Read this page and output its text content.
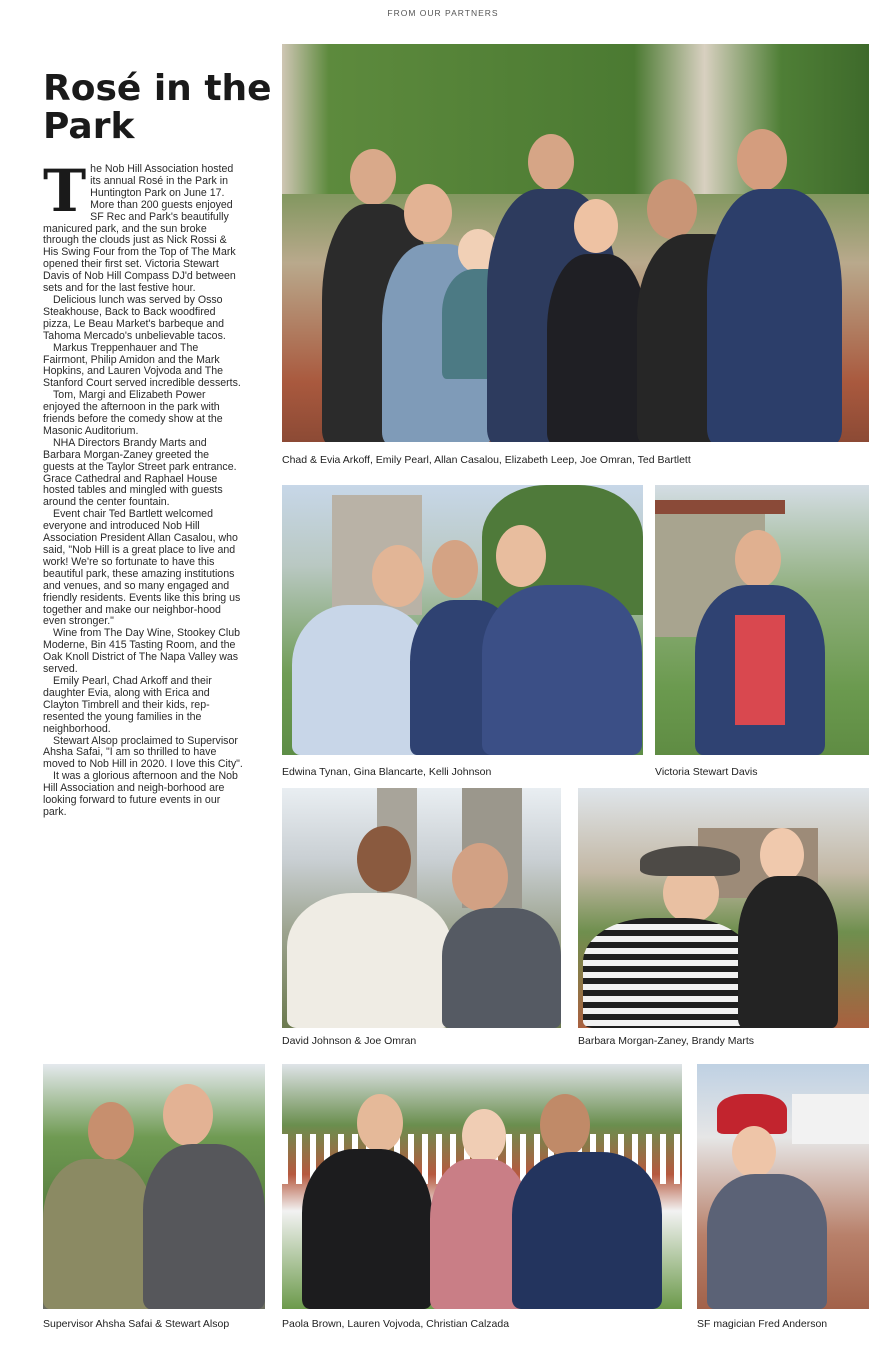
FROM OUR PARTNERS
Rosé in the Park

The Nob Hill Association hosted its annual Rosé in the Park in Huntington Park on June 17. More than 200 guests enjoyed SF Rec and Park's beautifully manicured park, and the sun broke through the clouds just as Nick Rossi & His Swing Four from the Top of The Mark opened their first set. Victoria Stewart Davis of Nob Hill Compass DJ'd between sets and for the last festive hour.

Delicious lunch was served by Osso Steakhouse, Back to Back woodfired pizza, Le Beau Market's barbeque and Tahoma Mercado's unbelievable tacos.

Markus Treppenhauer and The Fairmont, Philip Amidon and the Mark Hopkins, and Lauren Vojvoda and The Stanford Court served incredible desserts.

Tom, Margi and Elizabeth Power enjoyed the afternoon in the park with friends before the comedy show at the Masonic Auditorium.

NHA Directors Brandy Marts and Barbara Morgan-Zaney greeted the guests at the Taylor Street park entrance. Grace Cathedral and Raphael House hosted tables and mingled with guests around the center fountain.

Event chair Ted Bartlett welcomed everyone and introduced Nob Hill Association President Allan Casalou, who said, "Nob Hill is a great place to live and work! We're so fortunate to have this beautiful park, these amazing institutions and venues, and so many engaged and friendly residents. Events like this bring us together and make our neighbor-hood even stronger."

Wine from The Day Wine, Stookey Club Moderne, Bin 415 Tasting Room, and the Oak Knoll District of The Napa Valley was served.

Emily Pearl, Chad Arkoff and their daughter Evia, along with Erica and Clayton Timbrell and their kids, rep-resented the young families in the neighborhood.

Stewart Alsop proclaimed to Supervisor Ahsha Safai, "I am so thrilled to have moved to Nob Hill in 2020. I love this City".

It was a glorious afternoon and the Nob Hill Association and neigh-borhood are looking forward to future events in our park.

Chad & Evia Arkoff, Emily Pearl, Allan Casalou, Elizabeth Leep, Joe Omran, Ted Bartlett
Edwina Tynan, Gina Blancarte, Kelli Johnson	Victoria Stewart Davis
David Johnson & Joe Omran	Barbara Morgan-Zaney, Brandy Marts
Supervisor Ahsha Safai & Stewart Alsop	Paola Brown, Lauren Vojvoda, Christian Calzada	SF magician Fred Anderson
